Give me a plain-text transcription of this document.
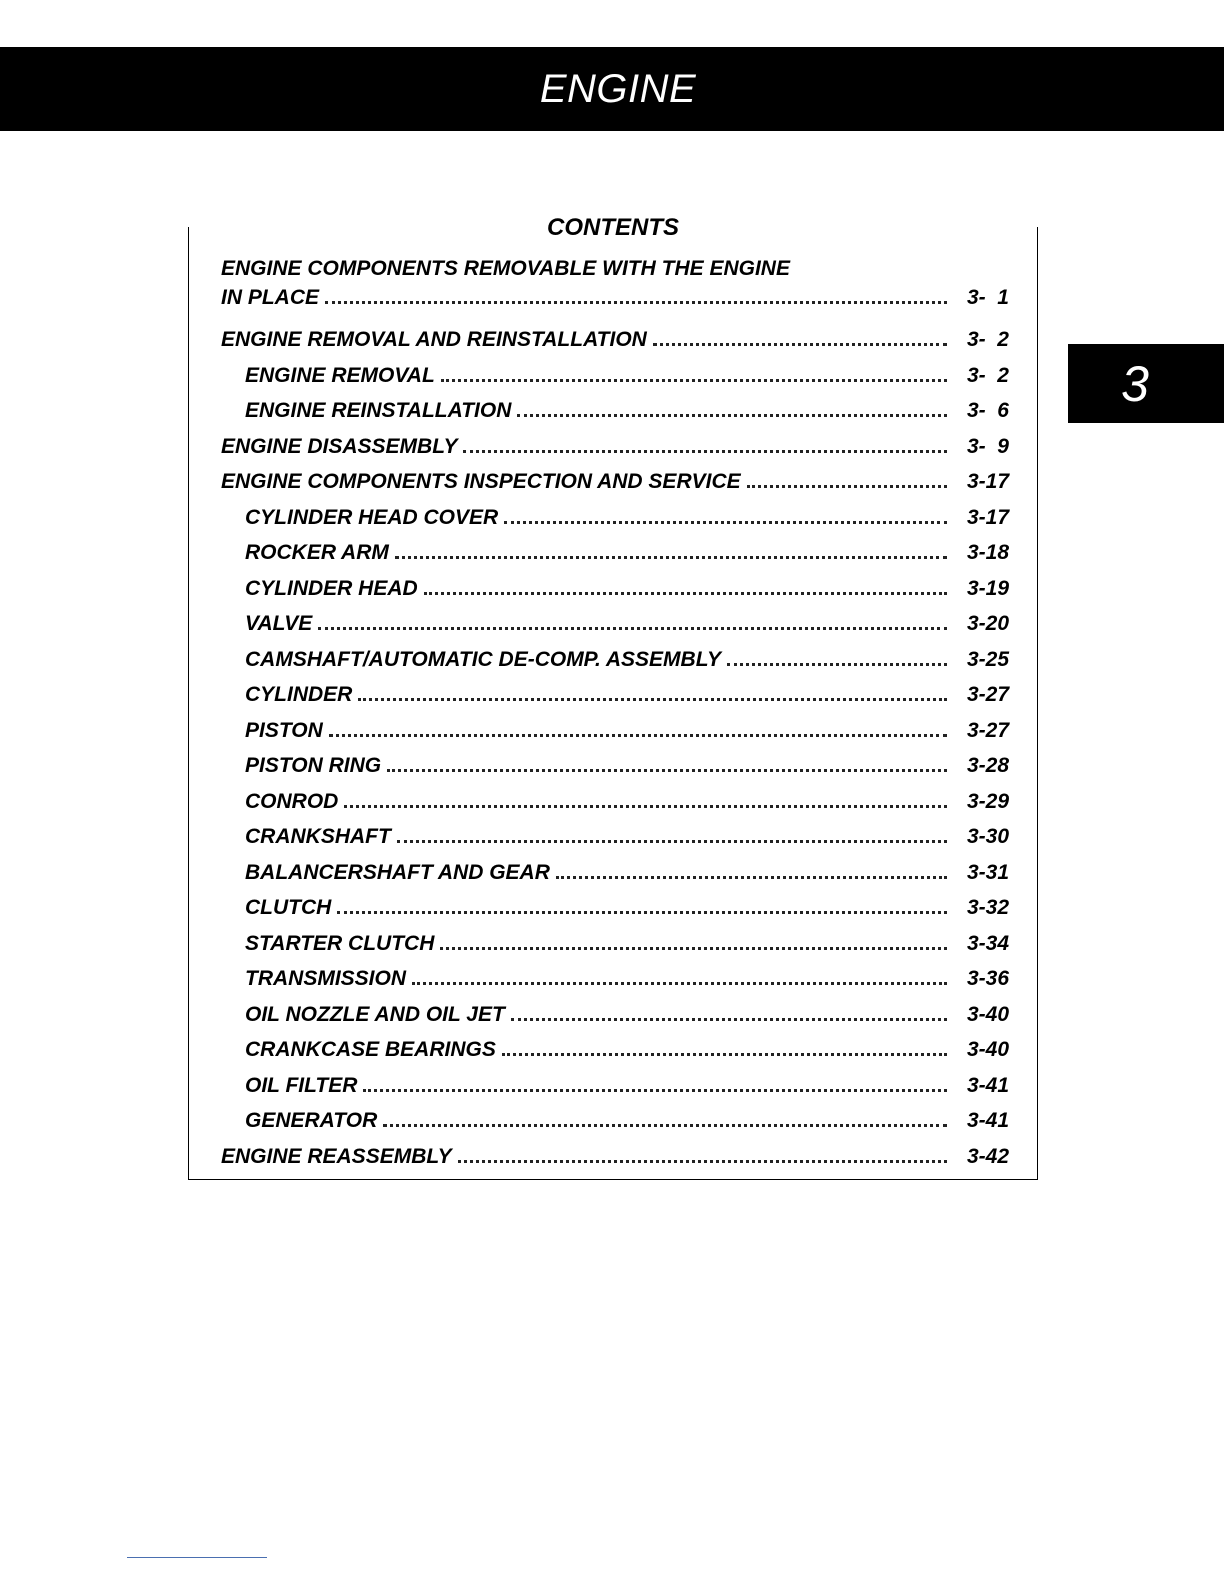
ENGINE
3
CONTENTS
ENGINE COMPONENTS REMOVABLE WITH THE ENGINE
IN PLACE	3-  1
ENGINE REMOVAL AND REINSTALLATION	3-  2
ENGINE REMOVAL	3-  2
ENGINE REINSTALLATION	3-  6
ENGINE DISASSEMBLY	3-  9
ENGINE COMPONENTS INSPECTION AND SERVICE	3-17
CYLINDER HEAD COVER	3-17
ROCKER ARM	3-18
CYLINDER HEAD	3-19
VALVE	3-20
CAMSHAFT/AUTOMATIC DE-COMP. ASSEMBLY	3-25
CYLINDER	3-27
PISTON	3-27
PISTON RING	3-28
CONROD	3-29
CRANKSHAFT	3-30
BALANCERSHAFT AND GEAR	3-31
CLUTCH	3-32
STARTER CLUTCH	3-34
TRANSMISSION	3-36
OIL NOZZLE AND OIL JET	3-40
CRANKCASE BEARINGS	3-40
OIL FILTER	3-41
GENERATOR	3-41
ENGINE REASSEMBLY	3-42
